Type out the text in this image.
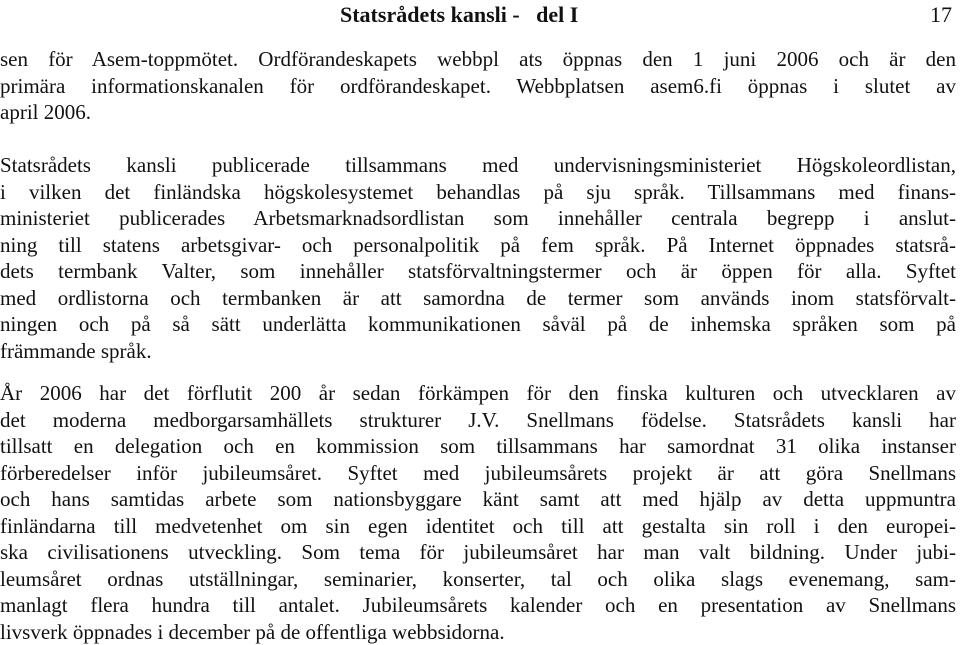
Statsrådets kansli -   del I	17
sen för Asem-toppmötet. Ordförandeskapets webbpl ats öppnas den 1 juni 2006 och är den
primära informationskanalen för ordförandeskapet. Webbplatsen asem6.fi öppnas i slutet av
april 2006.
Statsrådets kansli publicerade tillsammans med undervisningsministeriet Högskoleordlistan,
i vilken det finländska högskolesystemet behandlas på sju språk. Tillsammans med finans-
ministeriet publicerades Arbetsmarknadsordlistan som innehåller centrala begrepp i anslut-
ning till statens arbetsgivar- och personalpolitik på fem språk. På Internet öppnades statsrå-
dets termbank Valter, som innehåller statsförvaltningstermer och är öppen för alla. Syftet
med ordlistorna och termbanken är att samordna de termer som används inom statsförvalt-
ningen och på så sätt underlätta kommunikationen såväl på de inhemska språken som på
främmande språk.
År 2006 har det förflutit 200 år sedan förkämpen för den finska kulturen och utvecklaren av
det moderna medborgarsamhällets strukturer J.V. Snellmans födelse. Statsrådets kansli har
tillsatt en delegation och en kommission som tillsammans har samordnat 31 olika instanser
förberedelser inför jubileumsåret. Syftet med jubileumsårets projekt är att göra Snellmans
och hans samtidas arbete som nationsbyggare känt samt att med hjälp av detta uppmuntra
finländarna till medvetenhet om sin egen identitet och till att gestalta sin roll i den europei-
ska civilisationens utveckling. Som tema för jubileumsåret har man valt bildning. Under jubi-
leumsåret ordnas utställningar, seminarier, konserter, tal och olika slags evenemang, sam-
manlagt flera hundra till antalet. Jubileumsårets kalender och en presentation av Snellmans
livsverk öppnades i december på de offentliga webbsidorna.
